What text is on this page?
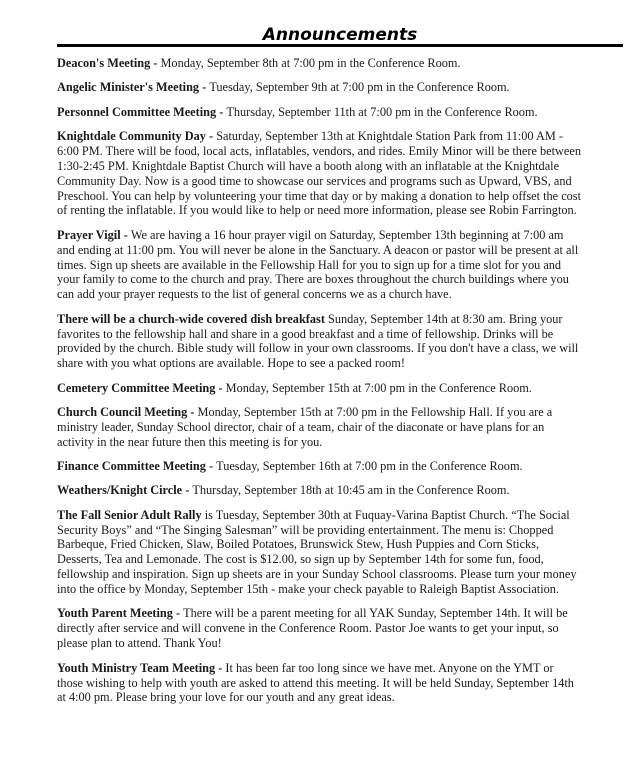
Announcements

Deacon's Meeting - Monday, September 8th at 7:00 pm in the Conference Room.

Angelic Minister's Meeting - Tuesday, September 9th at 7:00 pm in the Conference Room.

Personnel Committee Meeting - Thursday, September 11th at 7:00 pm in the Conference Room.

Knightdale Community Day - Saturday, September 13th at Knightdale Station Park from 11:00 AM - 6:00 PM. There will be food, local acts, inflatables, vendors, and rides. Emily Minor will be there between 1:30-2:45 PM. Knightdale Baptist Church will have a booth along with an inflatable at the Knightdale Community Day. Now is a good time to showcase our services and programs such as Upward, VBS, and Preschool. You can help by volunteering your time that day or by making a donation to help offset the cost of renting the inflatable. If you would like to help or need more information, please see Robin Farrington.

Prayer Vigil - We are having a 16 hour prayer vigil on Saturday, September 13th beginning at 7:00 am and ending at 11:00 pm. You will never be alone in the Sanctuary. A deacon or pastor will be present at all times. Sign up sheets are available in the Fellowship Hall for you to sign up for a time slot for you and your family to come to the church and pray. There are boxes throughout the church buildings where you can add your prayer requests to the list of general concerns we as a church have.

There will be a church-wide covered dish breakfast Sunday, September 14th at 8:30 am. Bring your favorites to the fellowship hall and share in a good breakfast and a time of fellowship. Drinks will be provided by the church. Bible study will follow in your own classrooms. If you don't have a class, we will share with you what options are available. Hope to see a packed room!

Cemetery Committee Meeting - Monday, September 15th at 7:00 pm in the Conference Room.

Church Council Meeting - Monday, September 15th at 7:00 pm in the Fellowship Hall. If you are a ministry leader, Sunday School director, chair of a team, chair of the diaconate or have plans for an activity in the near future then this meeting is for you.

Finance Committee Meeting - Tuesday, September 16th at 7:00 pm in the Conference Room.

Weathers/Knight Circle - Thursday, September 18th at 10:45 am in the Conference Room.

The Fall Senior Adult Rally is Tuesday, September 30th at Fuquay-Varina Baptist Church. “The Social Security Boys” and “The Singing Salesman” will be providing entertainment. The menu is: Chopped Barbeque, Fried Chicken, Slaw, Boiled Potatoes, Brunswick Stew, Hush Puppies and Corn Sticks, Desserts, Tea and Lemonade. The cost is $12.00, so sign up by September 14th for some fun, food, fellowship and inspiration. Sign up sheets are in your Sunday School classrooms. Please turn your money into the office by Monday, September 15th - make your check payable to Raleigh Baptist Association.

Youth Parent Meeting - There will be a parent meeting for all YAK Sunday, September 14th. It will be directly after service and will convene in the Conference Room. Pastor Joe wants to get your input, so please plan to attend. Thank You!

Youth Ministry Team Meeting - It has been far too long since we have met. Anyone on the YMT or those wishing to help with youth are asked to attend this meeting. It will be held Sunday, September 14th at 4:00 pm. Please bring your love for our youth and any great ideas.
